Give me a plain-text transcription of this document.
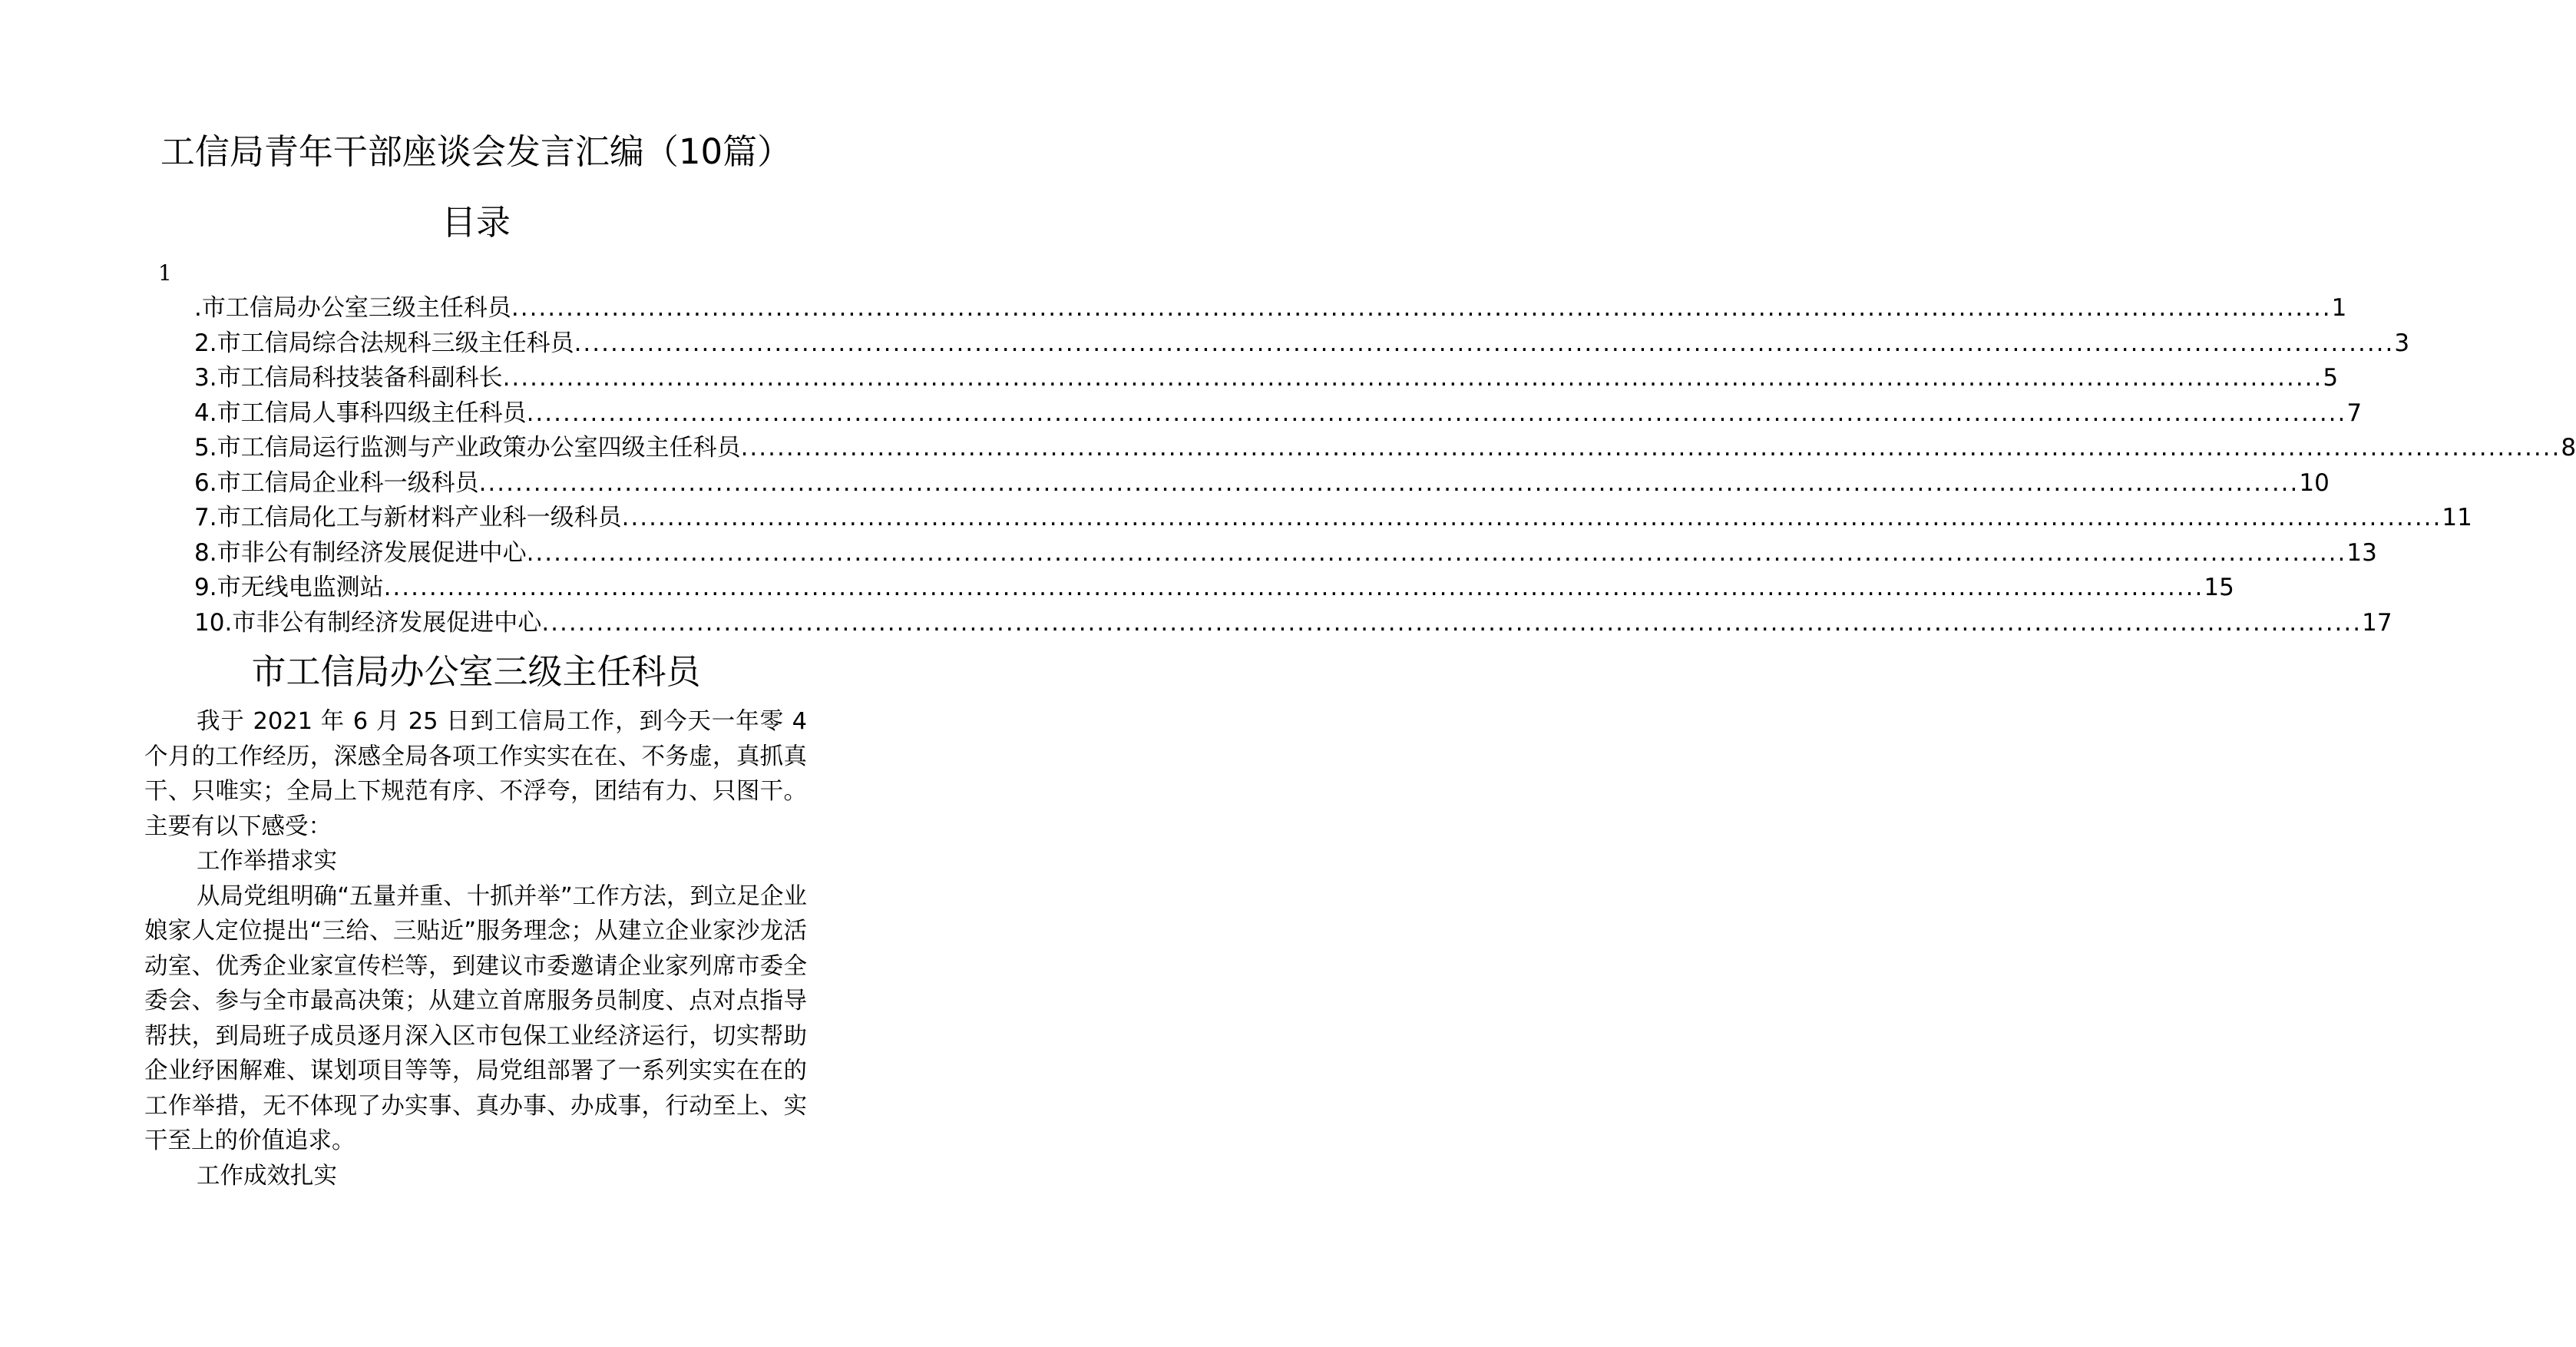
工信局青年干部座谈会发言汇编（10篇）
目录
1
.市工信局办公室三级主任科员 ........................................................................................................................................................................................................ 1
2.市工信局综合法规科三级主任科员 ........................................................................................................................................................................................................ 3
3.市工信局科技装备科副科长 ........................................................................................................................................................................................................ 5
4.市工信局人事科四级主任科员 ........................................................................................................................................................................................................ 7
5.市工信局运行监测与产业政策办公室四级主任科员 ........................................................................................................................................................................................................ 8
6.市工信局企业科一级科员 ........................................................................................................................................................................................................ 10
7.市工信局化工与新材料产业科一级科员 ........................................................................................................................................................................................................ 11
8.市非公有制经济发展促进中心 ........................................................................................................................................................................................................ 13
9.市无线电监测站 ........................................................................................................................................................................................................ 15
10.市非公有制经济发展促进中心 ........................................................................................................................................................................................................ 17
市工信局办公室三级主任科员

我于 2021 年 6 月 25 日到工信局工作，到今天一年零 4 个月的工作经历，深感全局各项工作实实在在、不务虚，真抓真干、只唯实；全局上下规范有序、不浮夸，团结有力、只图干。主要有以下感受：

工作举措求实

从局党组明确“五量并重、十抓并举”工作方法，到立足企业娘家人定位提出“三给、三贴近”服务理念；从建立企业家沙龙活动室、优秀企业家宣传栏等，到建议市委邀请企业家列席市委全委会、参与全市最高决策；从建立首席服务员制度、点对点指导帮扶，到局班子成员逐月深入区市包保工业经济运行，切实帮助企业纾困解难、谋划项目等等，局党组部署了一系列实实在在的工作举措，无不体现了办实事、真办事、办成事，行动至上、实干至上的价值追求。

工作成效扎实
